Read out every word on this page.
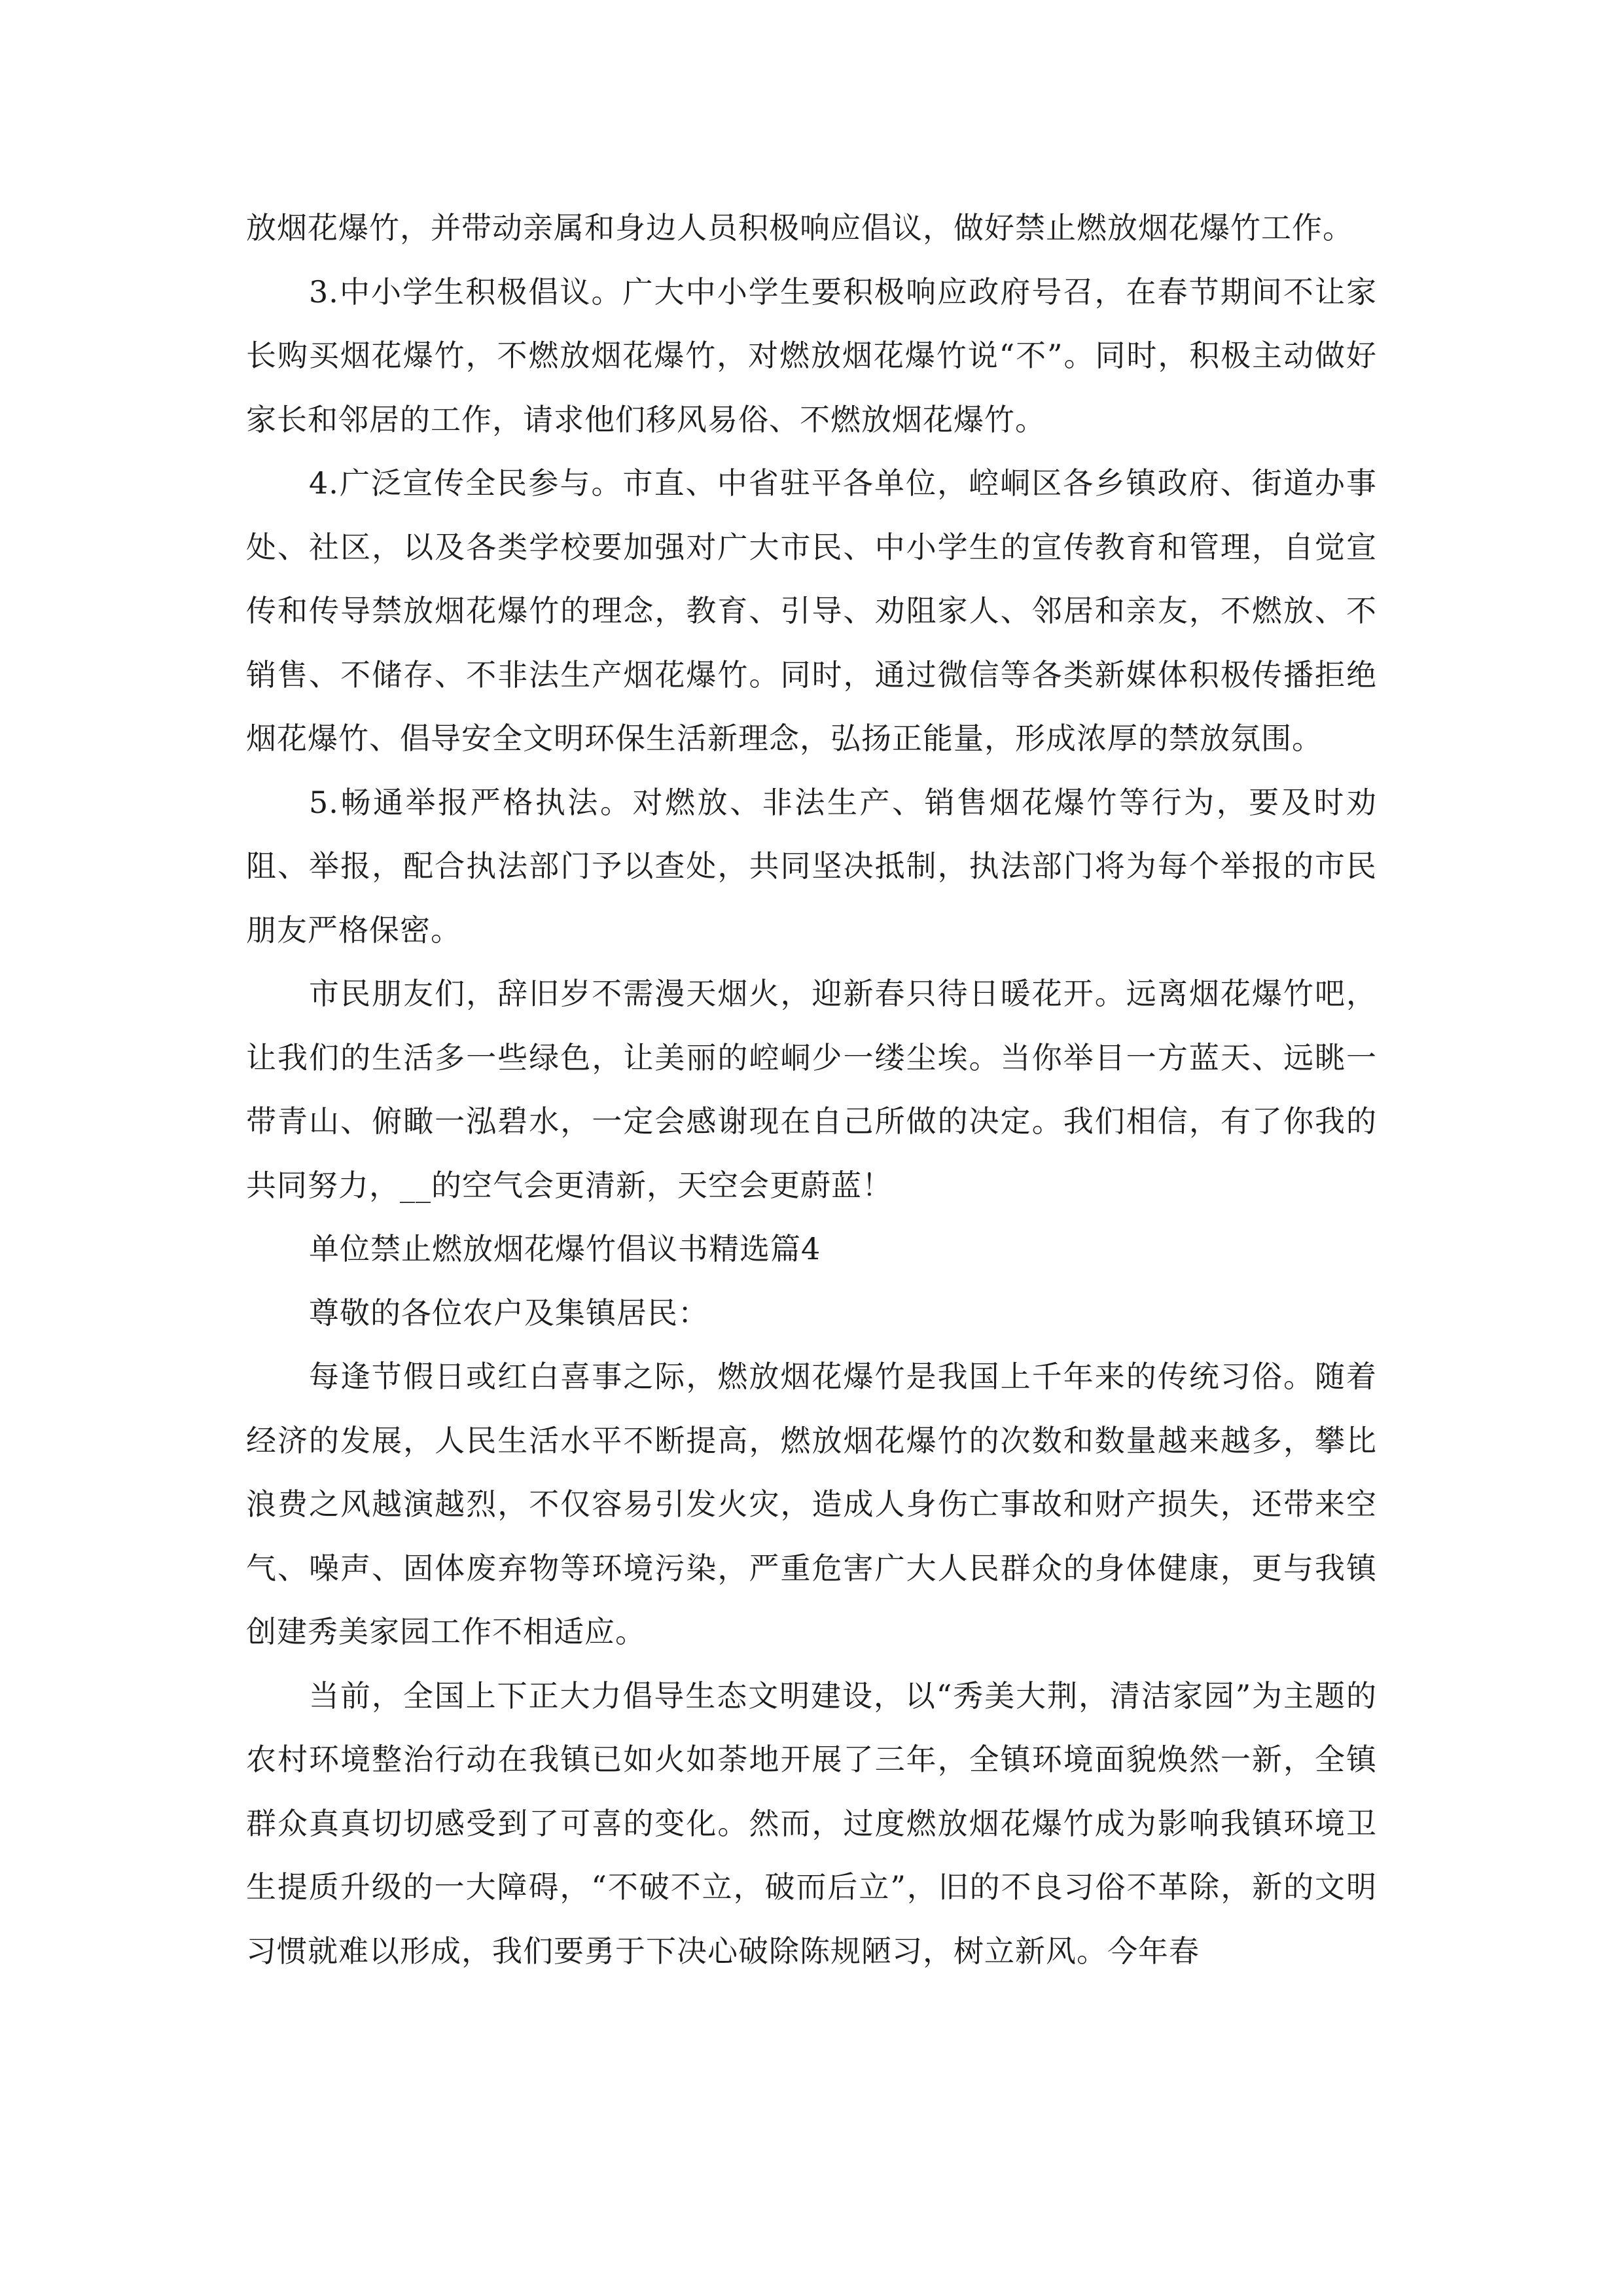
放烟花爆竹，并带动亲属和身边人员积极响应倡议，做好禁止燃放烟花爆竹工作。

3.中小学生积极倡议。广大中小学生要积极响应政府号召，在春节期间不让家长购买烟花爆竹，不燃放烟花爆竹，对燃放烟花爆竹说“不”。同时，积极主动做好家长和邻居的工作，请求他们移风易俗、不燃放烟花爆竹。

4.广泛宣传全民参与。市直、中省驻平各单位，崆峒区各乡镇政府、街道办事处、社区，以及各类学校要加强对广大市民、中小学生的宣传教育和管理，自觉宣传和传导禁放烟花爆竹的理念，教育、引导、劝阻家人、邻居和亲友，不燃放、不销售、不储存、不非法生产烟花爆竹。同时，通过微信等各类新媒体积极传播拒绝烟花爆竹、倡导安全文明环保生活新理念，弘扬正能量，形成浓厚的禁放氛围。

5.畅通举报严格执法。对燃放、非法生产、销售烟花爆竹等行为，要及时劝阻、举报，配合执法部门予以查处，共同坚决抵制，执法部门将为每个举报的市民朋友严格保密。

市民朋友们，辞旧岁不需漫天烟火，迎新春只待日暖花开。远离烟花爆竹吧，让我们的生活多一些绿色，让美丽的崆峒少一缕尘埃。当你举目一方蓝天、远眺一带青山、俯瞰一泓碧水，一定会感谢现在自己所做的决定。我们相信，有了你我的共同努力，__的空气会更清新，天空会更蔚蓝！

单位禁止燃放烟花爆竹倡议书精选篇4

尊敬的各位农户及集镇居民：

每逢节假日或红白喜事之际，燃放烟花爆竹是我国上千年来的传统习俗。随着经济的发展，人民生活水平不断提高，燃放烟花爆竹的次数和数量越来越多，攀比浪费之风越演越烈，不仅容易引发火灾，造成人身伤亡事故和财产损失，还带来空气、噪声、固体废弃物等环境污染，严重危害广大人民群众的身体健康，更与我镇创建秀美家园工作不相适应。

当前，全国上下正大力倡导生态文明建设，以“秀美大荆，清洁家园”为主题的农村环境整治行动在我镇已如火如荼地开展了三年，全镇环境面貌焕然一新，全镇群众真真切切感受到了可喜的变化。然而，过度燃放烟花爆竹成为影响我镇环境卫生提质升级的一大障碍，“不破不立，破而后立”，旧的不良习俗不革除，新的文明习惯就难以形成，我们要勇于下决心破除陈规陋习，树立新风。今年春
